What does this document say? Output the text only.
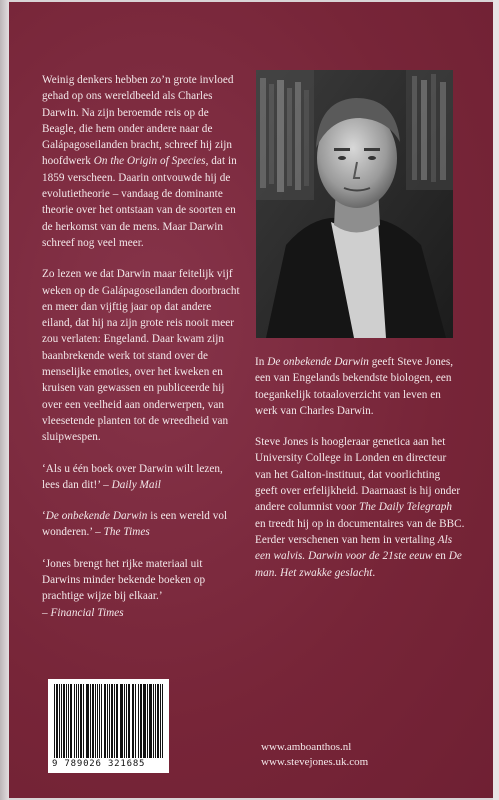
Weinig denkers hebben zo’n grote invloed gehad op ons wereldbeeld als Charles Darwin. Na zijn beroemde reis op de Beagle, die hem onder andere naar de Galápagoseilanden bracht, schreef hij zijn hoofdwerk On the Origin of Species, dat in 1859 verscheen. Daarin ontvouwde hij de evolutietheorie – vandaag de dominante theorie over het ontstaan van de soorten en de herkomst van de mens. Maar Darwin schreef nog veel meer.

Zo lezen we dat Darwin maar feitelijk vijf weken op de Galápagoseilanden doorbracht en meer dan vijftig jaar op dat andere eiland, dat hij na zijn grote reis nooit meer zou verlaten: Engeland. Daar kwam zijn baanbrekende werk tot stand over de menselijke emoties, over het kweken en kruisen van gewassen en publiceerde hij over een veelheid aan onderwerpen, van vleesetende planten tot de wreedheid van sluipwespen.

‘Als u één boek over Darwin wilt lezen, lees dan dit!’ – Daily Mail

‘De onbekende Darwin is een wereld vol wonderen.’ – The Times

‘Jones brengt het rijke materiaal uit Darwins minder bekende boeken op prachtige wijze bij elkaar.’
– Financial Times

In De onbekende Darwin geeft Steve Jones, een van Engelands bekendste biologen, een toegankelijk totaaloverzicht van leven en werk van Charles Darwin.

Steve Jones is hoogleraar genetica aan het University College in Londen en directeur van het Galton-instituut, dat voorlichting geeft over erfelijkheid. Daarnaast is hij onder andere columnist voor The Daily Telegraph en treedt hij op in documentaires van de BBC. Eerder verschenen van hem in vertaling Als een walvis. Darwin voor de 21ste eeuw en De man. Het zwakke geslacht.

9 789026 321685
www.amboanthos.nl
www.stevejones.uk.com
